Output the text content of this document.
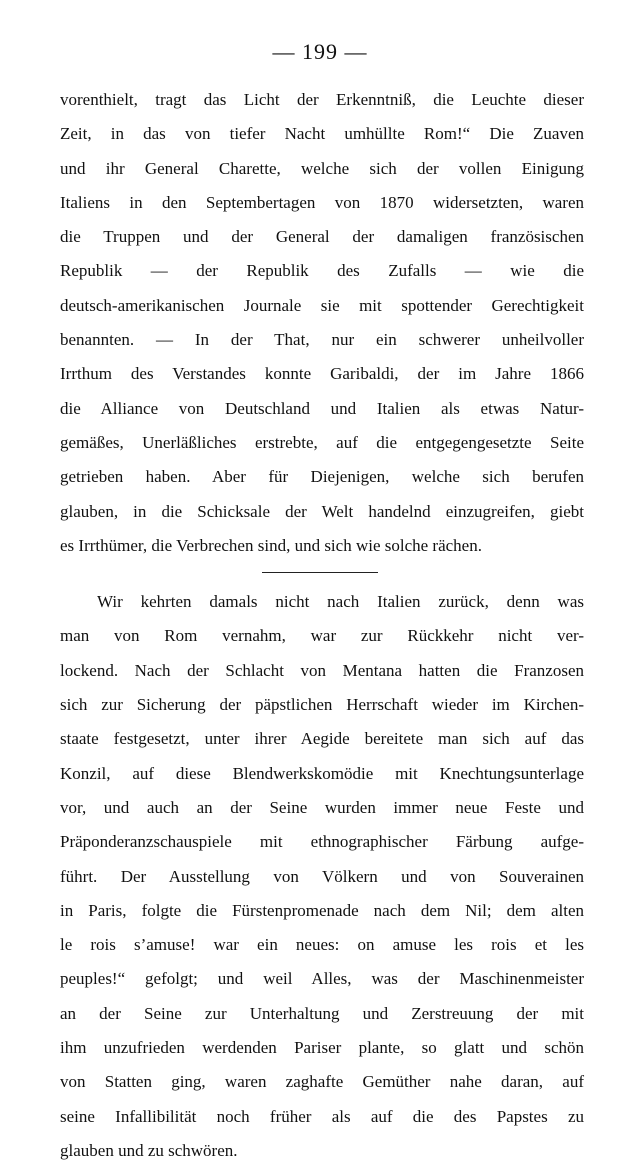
— 199 —
vorenthielt, tragt das Licht der Erkenntniß, die Leuchte dieser
Zeit, in das von tiefer Nacht umhüllte Rom!“ Die Zuaven
und ihr General Charette, welche sich der vollen Einigung
Italiens in den Septembertagen von 1870 widersetzten, waren
die Truppen und der General der damaligen französischen
Republik — der Republik des Zufalls — wie die
deutsch-amerikanischen Journale sie mit spottender Gerechtigkeit
benannten. — In der That, nur ein schwerer unheilvoller
Irrthum des Verstandes konnte Garibaldi, der im Jahre 1866
die Alliance von Deutschland und Italien als etwas Natur-
gemäßes, Unerläßliches erstrebte, auf die entgegengesetzte Seite
getrieben haben. Aber für Diejenigen, welche sich berufen
glauben, in die Schicksale der Welt handelnd einzugreifen, giebt
es Irrthümer, die Verbrechen sind, und sich wie solche rächen.
Wir kehrten damals nicht nach Italien zurück, denn was
man von Rom vernahm, war zur Rückkehr nicht ver-
lockend. Nach der Schlacht von Mentana hatten die Franzosen
sich zur Sicherung der päpstlichen Herrschaft wieder im Kirchen-
staate festgesetzt, unter ihrer Aegide bereitete man sich auf das
Konzil, auf diese Blendwerkskomödie mit Knechtungsunterlage
vor, und auch an der Seine wurden immer neue Feste und
Präponderanzschauspiele mit ethnographischer Färbung aufge-
führt. Der Ausstellung von Völkern und von Souverainen
in Paris, folgte die Fürstenpromenade nach dem Nil; dem alten
le rois s’amuse! war ein neues: on amuse les rois et les
peuples!“ gefolgt; und weil Alles, was der Maschinenmeister
an der Seine zur Unterhaltung und Zerstreuung der mit
ihm unzufrieden werdenden Pariser plante, so glatt und schön
von Statten ging, waren zaghafte Gemüther nahe daran, auf
seine Infallibilität noch früher als auf die des Papstes zu
glauben und zu schwören.
